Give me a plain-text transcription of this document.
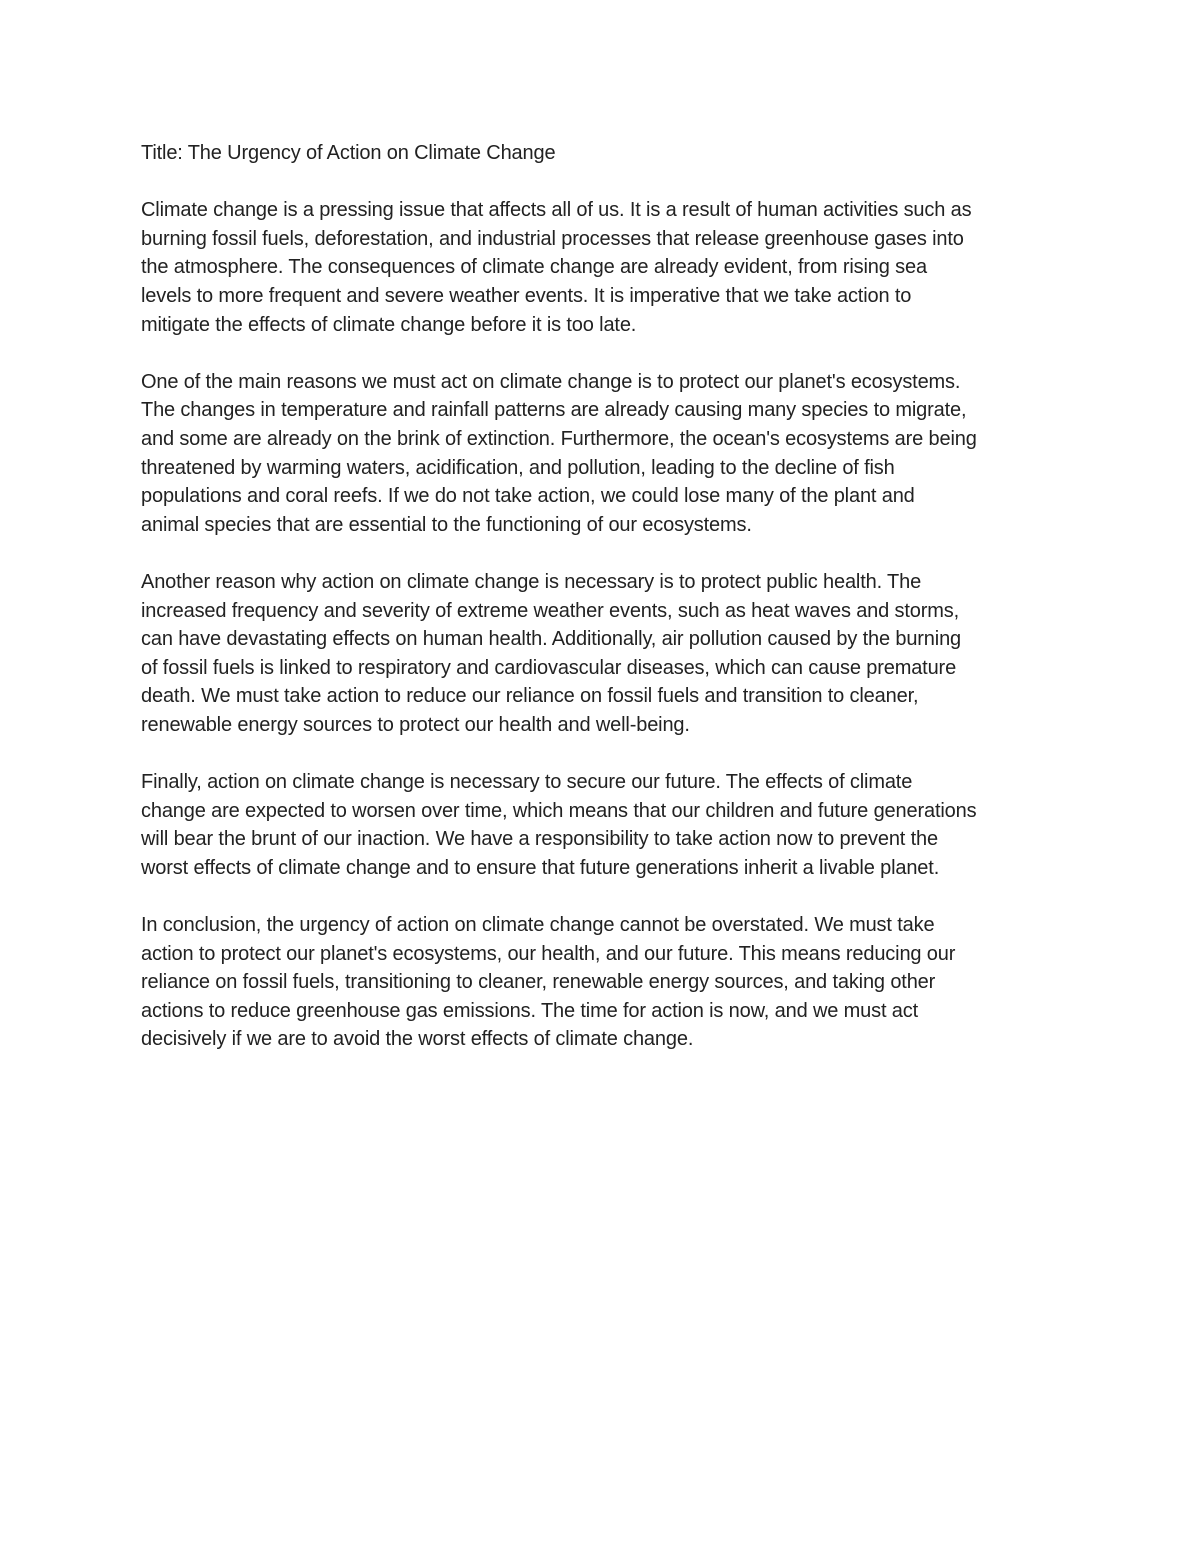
Title: The Urgency of Action on Climate Change
Climate change is a pressing issue that affects all of us. It is a result of human activities such as
burning fossil fuels, deforestation, and industrial processes that release greenhouse gases into
the atmosphere. The consequences of climate change are already evident, from rising sea
levels to more frequent and severe weather events. It is imperative that we take action to
mitigate the effects of climate change before it is too late.
One of the main reasons we must act on climate change is to protect our planet's ecosystems.
The changes in temperature and rainfall patterns are already causing many species to migrate,
and some are already on the brink of extinction. Furthermore, the ocean's ecosystems are being
threatened by warming waters, acidification, and pollution, leading to the decline of fish
populations and coral reefs. If we do not take action, we could lose many of the plant and
animal species that are essential to the functioning of our ecosystems.
Another reason why action on climate change is necessary is to protect public health. The
increased frequency and severity of extreme weather events, such as heat waves and storms,
can have devastating effects on human health. Additionally, air pollution caused by the burning
of fossil fuels is linked to respiratory and cardiovascular diseases, which can cause premature
death. We must take action to reduce our reliance on fossil fuels and transition to cleaner,
renewable energy sources to protect our health and well-being.
Finally, action on climate change is necessary to secure our future. The effects of climate
change are expected to worsen over time, which means that our children and future generations
will bear the brunt of our inaction. We have a responsibility to take action now to prevent the
worst effects of climate change and to ensure that future generations inherit a livable planet.
In conclusion, the urgency of action on climate change cannot be overstated. We must take
action to protect our planet's ecosystems, our health, and our future. This means reducing our
reliance on fossil fuels, transitioning to cleaner, renewable energy sources, and taking other
actions to reduce greenhouse gas emissions. The time for action is now, and we must act
decisively if we are to avoid the worst effects of climate change.
